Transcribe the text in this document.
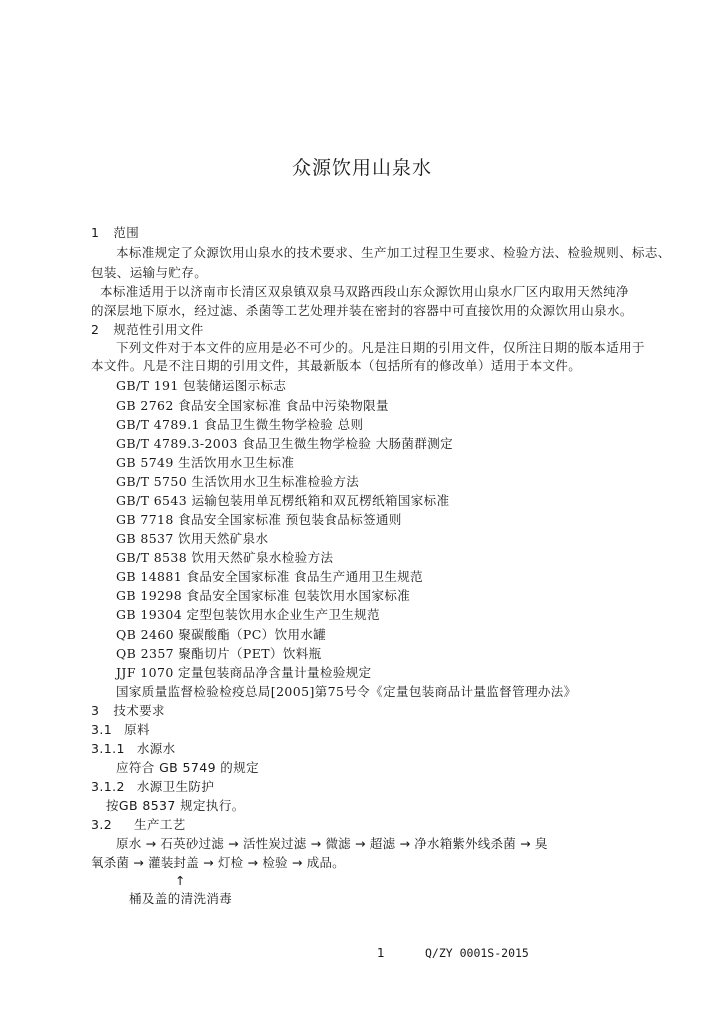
众源饮用山泉水
1 范围
本标准规定了众源饮用山泉水的技术要求、生产加工过程卫生要求、检验方法、检验规则、标志、
包装、运输与贮存。
本标准适用于以济南市长清区双泉镇双泉马双路西段山东众源饮用山泉水厂区内取用天然纯净
的深层地下原水，经过滤、杀菌等工艺处理并装在密封的容器中可直接饮用的众源饮用山泉水。
2 规范性引用文件
下列文件对于本文件的应用是必不可少的。凡是注日期的引用文件，仅所注日期的版本适用于
本文件。凡是不注日期的引用文件，其最新版本（包括所有的修改单）适用于本文件。
GB/T 191 包装储运图示标志
GB 2762 食品安全国家标准 食品中污染物限量
GB/T 4789.1 食品卫生微生物学检验 总则
GB/T 4789.3-2003 食品卫生微生物学检验 大肠菌群测定
GB 5749 生活饮用水卫生标准
GB/T 5750 生活饮用水卫生标准检验方法
GB/T 6543 运输包装用单瓦楞纸箱和双瓦楞纸箱国家标准
GB 7718 食品安全国家标准 预包装食品标签通则
GB 8537 饮用天然矿泉水
GB/T 8538 饮用天然矿泉水检验方法
GB 14881 食品安全国家标准 食品生产通用卫生规范
GB 19298 食品安全国家标准 包装饮用水国家标准
GB 19304 定型包装饮用水企业生产卫生规范
QB 2460 聚碳酸酯（PC）饮用水罐
QB 2357 聚酯切片（PET）饮料瓶
JJF 1070 定量包装商品净含量计量检验规定
国家质量监督检验检疫总局[2005]第75号令《定量包装商品计量监督管理办法》
3 技术要求
3.1 原料
3.1.1 水源水
应符合 GB 5749 的规定
3.1.2 水源卫生防护
按GB 8537 规定执行。
3.2 生产工艺
原水 → 石英砂过滤 → 活性炭过滤 → 微滤 → 超滤 → 净水箱紫外线杀菌 → 臭
氧杀菌 → 灌装封盖 → 灯检 → 检验 → 成品。
↑
桶及盖的清洗消毒
1	Q/ZY 0001S-2015
